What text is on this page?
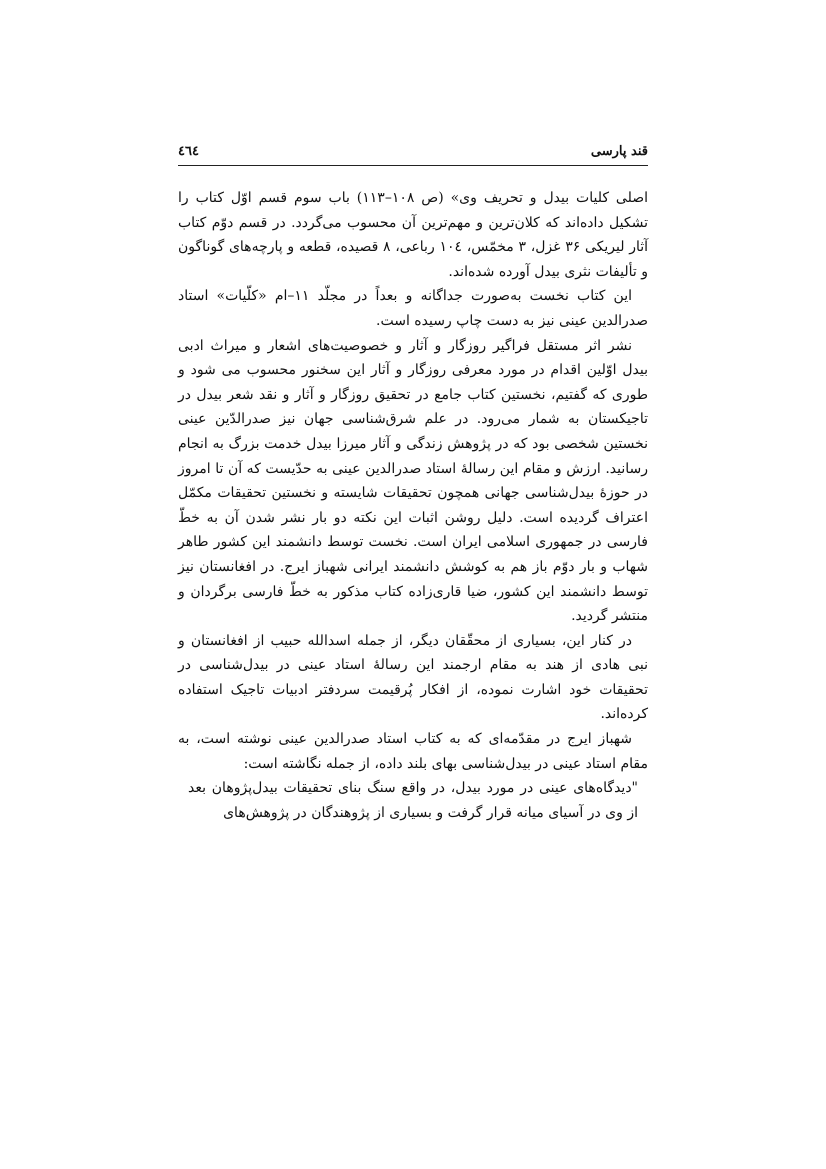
قند پارسی
٤٦٤

اصلی کلیات بیدل و تحریف وی» (ص ۱۰۸–۱۱۳) باب سوم قسم اوّل کتاب را تشکیل داده‌اند که کلان‌ترین و مهم‌ترین آن محسوب می‌گردد. در قسم دوّم کتاب آثار لیریکی ۳۶ غزل، ۳ مخمّس، ۱۰٤ رباعی، ۸ قصیده، قطعه و پارچه‌های گوناگون و تألیفات نثری بیدل آورده شده‌اند.

این کتاب نخست به‌صورت جداگانه و بعداً در مجلّد ۱۱–ام «کلّیات» استاد صدرالدین عینی نیز به دست چاپ رسیده است.

نشر اثر مستقل فراگیر روزگار و آثار و خصوصیت‌های اشعار و میراث ادبی بیدل اوّلین اقدام در مورد معرفی روزگار و آثار این سخنور محسوب می شود و طوری که گفتیم، نخستین کتاب جامع در تحقیق روزگار و آثار و نقد شعر بیدل در تاجیکستان به شمار می‌رود. در علم شرق‌شناسی جهان نیز صدرالدّین عینی نخستین شخصی بود که در پژوهش زندگی و آثار میرزا بیدل خدمت بزرگ به انجام رسانید. ارزش و مقام این رسالهٔ استاد صدرالدین عینی به حدّیست که آن تا امروز در حوزهٔ بیدل‌شناسی جهانی همچون تحقیقات شایسته و نخستین تحقیقات مکمّل اعتراف گردیده است. دلیل روشن اثبات این نکته دو بار نشر شدن آن به خطّ فارسی در جمهوری اسلامی ایران است. نخست توسط دانشمند این کشور طاهر شهاب و بار دوّم باز هم به کوشش دانشمند ایرانی شهباز ایرج. در افغانستان نیز توسط دانشمند این کشور، ضیا قاری‌زاده کتاب مذکور به خطّ فارسی برگردان و منتشر گردید.

در کنار این، بسیاری از محقّقان دیگر، از جمله اسدالله حبیب از افغانستان و نبی هادی از هند به مقام ارجمند این رسالهٔ استاد عینی در بیدل‌شناسی در تحقیقات خود اشارت نموده، از افکار پُرقیمت سردفتر ادبیات تاجیک استفاده کرده‌اند.

شهباز ایرج در مقدّمه‌ای که به کتاب استاد صدرالدین عینی نوشته است، به مقام استاد عینی در بیدل‌شناسی بهای بلند داده، از جمله نگاشته است:

"دیدگاه‌های عینی در مورد بیدل، در واقع سنگ بنای تحقیقات بیدل‌پژوهان بعد از وی در آسیای میانه قرار گرفت و بسیاری از پژوهندگان در پژوهش‌های
